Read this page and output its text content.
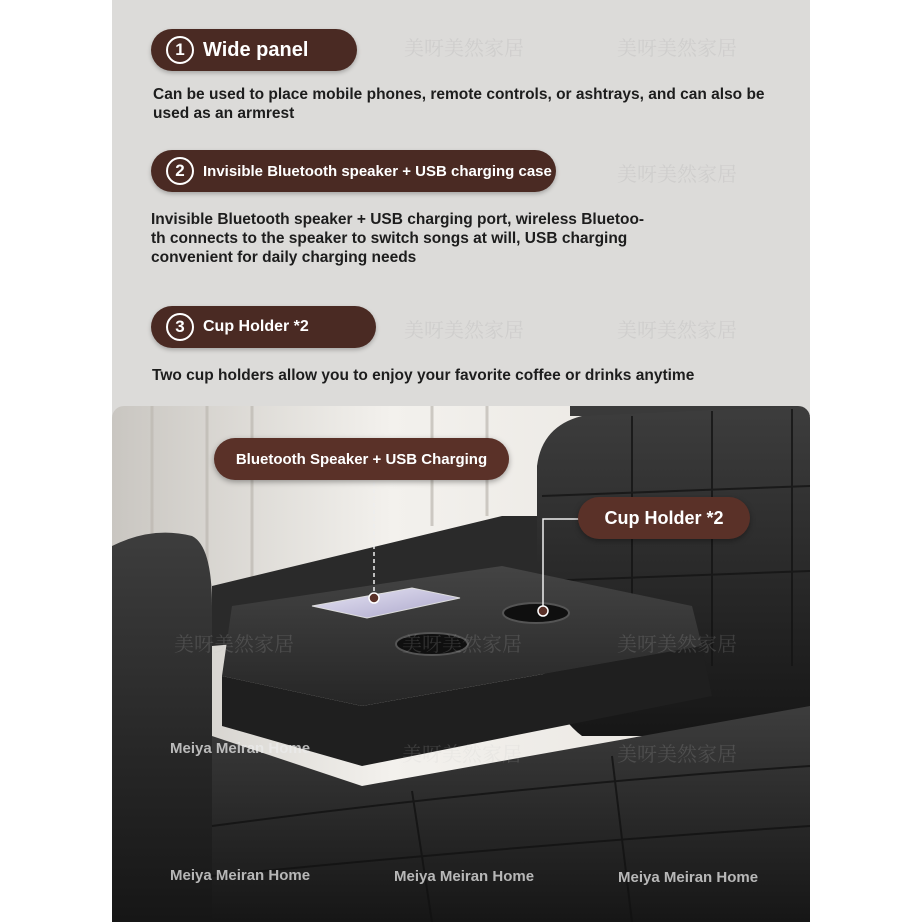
美呀美然家居	美呀美然家居
美呀美然家居
美呀美然家居	美呀美然家居
1 Wide panel
Can be used to place mobile phones, remote controls, or ashtrays, and can also be used as an armrest
2	Invisible Bluetooth speaker + USB charging case
Invisible Bluetooth speaker + USB charging port, wireless Bluetoo-
th connects to the speaker to switch songs at will, USB charging
convenient for daily charging needs
3	Cup Holder *2
Two cup holders allow you to enjoy your favorite coffee or drinks anytime
Bluetooth Speaker + USB Charging
Cup Holder *2
美呀美然家居	美呀美然家居	美呀美然家居
美呀美然家居	美呀美然家居
Meiya Meiran Home
Meiya Meiran Home	Meiya Meiran Home	Meiya Meiran Home
